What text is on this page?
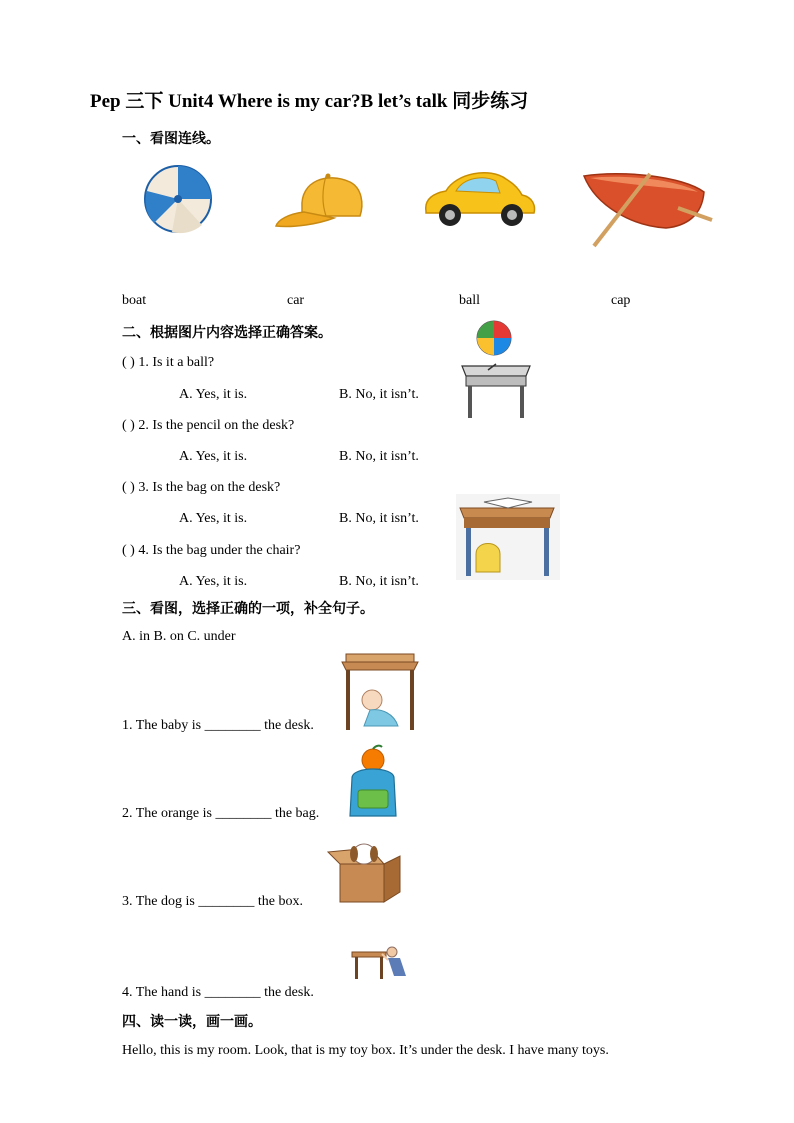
Pep 三下 Unit4 Where is my car?B let’s talk 同步练习
一、看图连线。
boat	car	ball	cap
二、根据图片内容选择正确答案。
( ) 1. Is it a ball?
A. Yes, it is.	B. No, it isn’t.
( ) 2. Is the pencil on the desk?
A. Yes, it is.	B. No, it isn’t.
( ) 3. Is the bag on the desk?
A. Yes, it is.	B. No, it isn’t.
( ) 4. Is the bag under the chair?
A. Yes, it is.	B. No, it isn’t.
三、看图，选择正确的一项，补全句子。
A. in B. on C. under
1. The baby is ________ the desk.
2. The orange is ________ the bag.
3. The dog is ________ the box.
4. The hand is ________ the desk.
四、读一读，画一画。
Hello, this is my room. Look, that is my toy box. It’s under the desk. I have many toys.
